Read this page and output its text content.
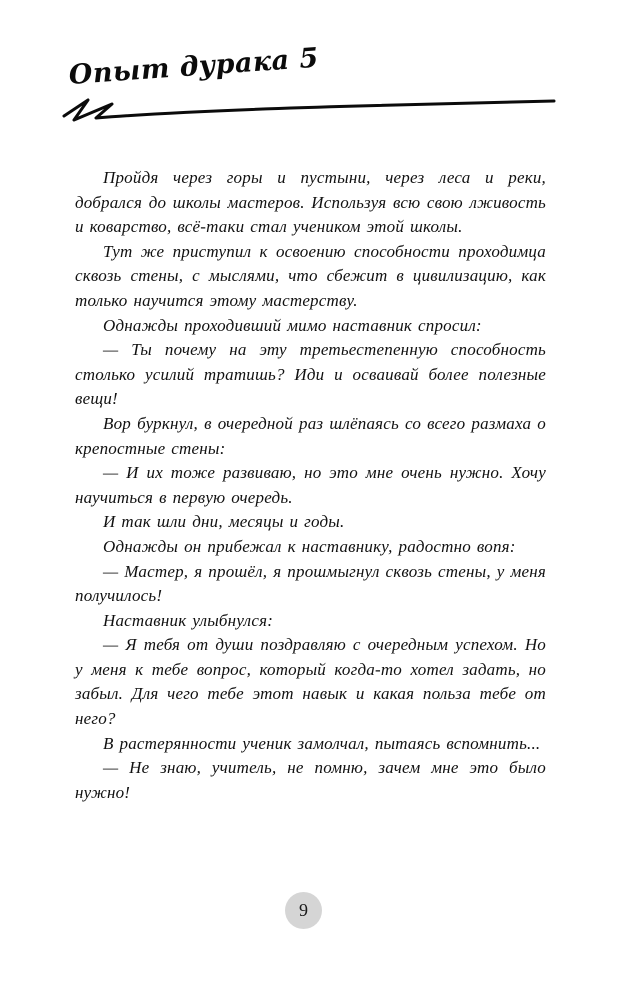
Опыт дурака 5

Пройдя через горы и пустыни, через леса и реки, добрался до школы мастеров. Используя всю свою лживость и коварство, всё-таки стал учеником этой школы.

Тут же приступил к освоению способности проходимца сквозь стены, с мыслями, что сбежит в цивилизацию, как только научится этому мастерству.

Однажды проходивший мимо наставник спросил:

— Ты почему на эту третьестепенную способность столько усилий тратишь? Иди и осваивай более полезные вещи!

Вор буркнул, в очередной раз шлёпаясь со всего размаха о крепостные стены:

— И их тоже развиваю, но это мне очень нужно. Хочу научиться в первую очередь.

И так шли дни, месяцы и годы.

Однажды он прибежал к наставнику, радостно вопя:

— Мастер, я прошёл, я прошмыгнул сквозь стены, у меня получилось!

Наставник улыбнулся:

— Я тебя от души поздравляю с очередным успехом. Но у меня к тебе вопрос, который когда-то хотел задать, но забыл. Для чего тебе этот навык и какая польза тебе от него?

В растерянности ученик замолчал, пытаясь вспомнить...

— Не знаю, учитель, не помню, зачем мне это было нужно!

9
